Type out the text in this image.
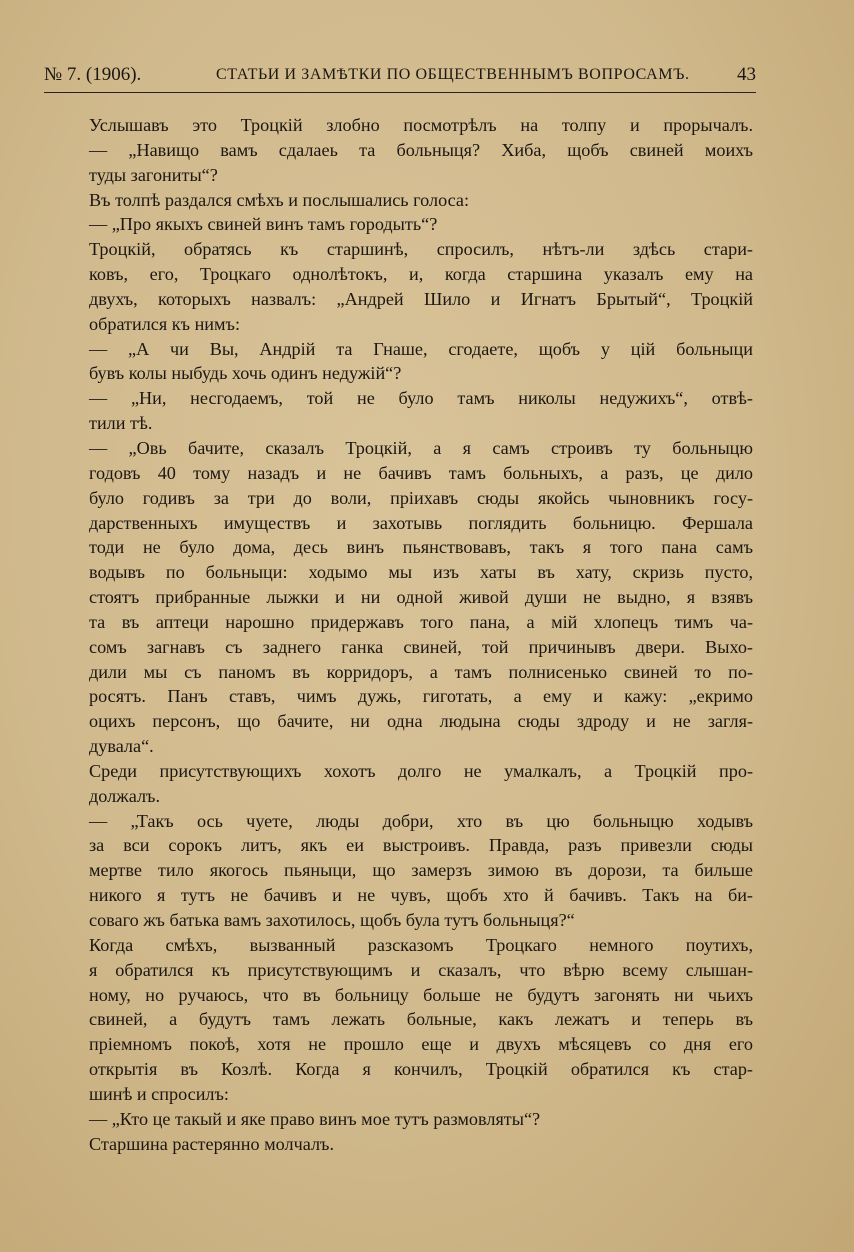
№ 7. (1906).	СТАТЬИ И ЗАМѢТКИ ПО ОБЩЕСТВЕННЫМЪ ВОПРОСАМЪ. 43
Услышавъ это Троцкій злобно посмотрѣлъ на толпу и прорычалъ.
— „Навищо вамъ сдалаеь та больныця? Хиба, щобъ свиней моихъ
туды загониты“?
Въ толпѣ раздался смѣхъ и послышались голоса:
— „Про якыхъ свиней винъ тамъ городыть“?
Троцкій, обратясь къ старшинѣ, спросилъ, нѣтъ-ли здѣсь стари-
ковъ, его, Троцкаго однолѣтокъ, и, когда старшина указалъ ему на
двухъ, которыхъ назвалъ: „Андрей Шило и Игнатъ Брытый“, Троцкій
обратился къ нимъ:
— „А чи Вы, Андрій та Гнаше, сгодаете, щобъ у цій больныци
бувъ колы ныбудь хочь одинъ недужій“?
— „Ни, несгодаемъ, той не було тамъ николы недужихъ“, отвѣ-
тили тѣ.
— „Овь бачите, сказалъ Троцкій, а я самъ строивъ ту больныцю
годовъ 40 тому назадъ и не бачивъ тамъ больныхъ, а разъ, це дило
було годивъ за три до воли, пріихавъ сюды якойсь чыновникъ госу-
дарственныхъ имуществъ и захотывь поглядить больницю. Фершала
тоди не було дома, десь винъ пьянствовавъ, такъ я того пана самъ
водывъ по больныци: ходымо мы изъ хаты въ хату, скризь пусто,
стоятъ прибранные лыжки и ни одной живой души не выдно, я взявъ
та въ аптеци нарошно придержавъ того пана, а мій хлопецъ тимъ ча-
сомъ загнавъ съ заднего ганка свиней, той причинывъ двери. Выхо-
дили мы съ паномъ въ корридоръ, а тамъ полнисенько свиней то по-
росятъ. Панъ ставъ, чимъ дужь, гиготать, а ему и кажу: „екримо
оцихъ персонъ, що бачите, ни одна людына сюды здроду и не загля-
дувала“.
Среди присутствующихъ хохотъ долго не умалкалъ, а Троцкій про-
должалъ.
— „Такъ ось чуете, люды добри, хто въ цю больныцю ходывъ
за вси сорокъ литъ, якъ еи выстроивъ. Правда, разъ привезли сюды
мертве тило якогось пьяныци, що замерзъ зимою въ дорози, та бильше
никого я тутъ не бачивъ и не чувъ, щобъ хто й бачивъ. Такъ на би-
соваго жъ батька вамъ захотилось, щобъ була тутъ больныця?“
Когда смѣхъ, вызванный разсказомъ Троцкаго немного поутихъ,
я обратился къ присутствующимъ и сказалъ, что вѣрю всему слышан-
ному, но ручаюсь, что въ больницу больше не будутъ загонять ни чьихъ
свиней, а будутъ тамъ лежать больные, какъ лежатъ и теперь въ
пріемномъ покоѣ, хотя не прошло еще и двухъ мѣсяцевъ со дня его
открытія въ Козлѣ. Когда я кончилъ, Троцкій обратился къ стар-
шинѣ и спросилъ:
— „Кто це такый и яке право винъ мое тутъ размовляты“?
Старшина растерянно молчалъ.
